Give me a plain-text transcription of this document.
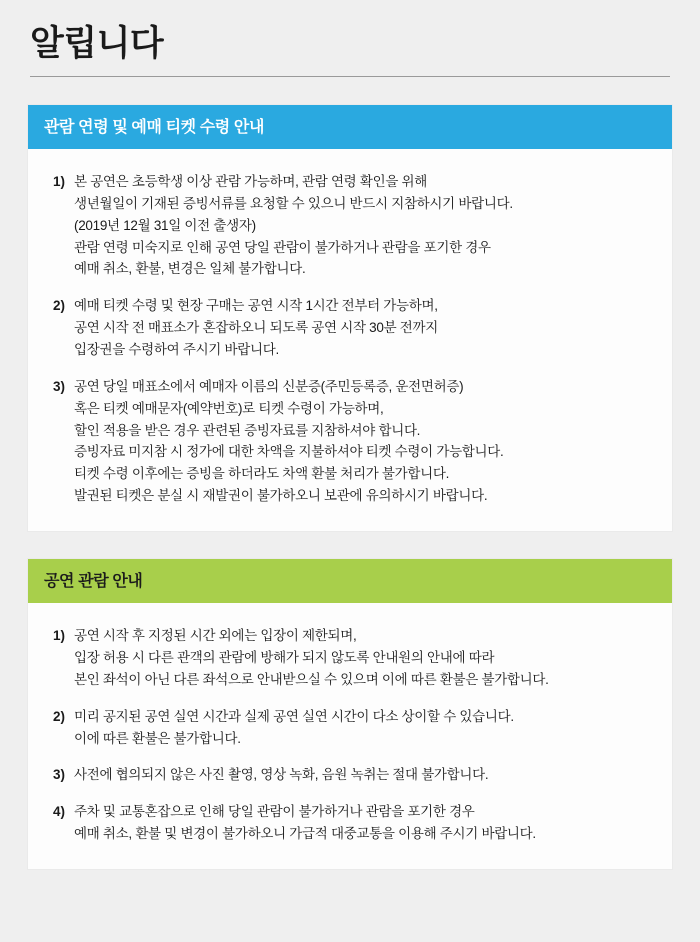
알립니다
관람 연령 및 예매 티켓 수령 안내
1) 본 공연은 초등학생 이상 관람 가능하며, 관람 연령 확인을 위해
생년월일이 기재된 증빙서류를 요청할 수 있으니 반드시 지참하시기 바랍니다.
(2019년 12월 31일 이전 출생자)
관람 연령 미숙지로 인해 공연 당일 관람이 불가하거나 관람을 포기한 경우
예매 취소, 환불, 변경은 일체 불가합니다.
2) 예매 티켓 수령 및 현장 구매는 공연 시작 1시간 전부터 가능하며,
공연 시작 전 매표소가 혼잡하오니 되도록 공연 시작 30분 전까지
입장권을 수령하여 주시기 바랍니다.
3) 공연 당일 매표소에서 예매자 이름의 신분증(주민등록증, 운전면허증)
혹은 티켓 예매문자(예약번호)로 티켓 수령이 가능하며,
할인 적용을 받은 경우 관련된 증빙자료를 지참하셔야 합니다.
증빙자료 미지참 시 정가에 대한 차액을 지불하셔야 티켓 수령이 가능합니다.
티켓 수령 이후에는 증빙을 하더라도 차액 환불 처리가 불가합니다.
발권된 티켓은 분실 시 재발권이 불가하오니 보관에 유의하시기 바랍니다.
공연 관람 안내
1) 공연 시작 후 지정된 시간 외에는 입장이 제한되며,
입장 허용 시 다른 관객의 관람에 방해가 되지 않도록 안내원의 안내에 따라
본인 좌석이 아닌 다른 좌석으로 안내받으실 수 있으며 이에 따른 환불은 불가합니다.
2) 미리 공지된 공연 실연 시간과 실제 공연 실연 시간이 다소 상이할 수 있습니다.
이에 따른 환불은 불가합니다.
3) 사전에 협의되지 않은 사진 촬영, 영상 녹화, 음원 녹취는 절대 불가합니다.
4) 주차 및 교통혼잡으로 인해 당일 관람이 불가하거나 관람을 포기한 경우
예매 취소, 환불 및 변경이 불가하오니 가급적 대중교통을 이용해 주시기 바랍니다.
